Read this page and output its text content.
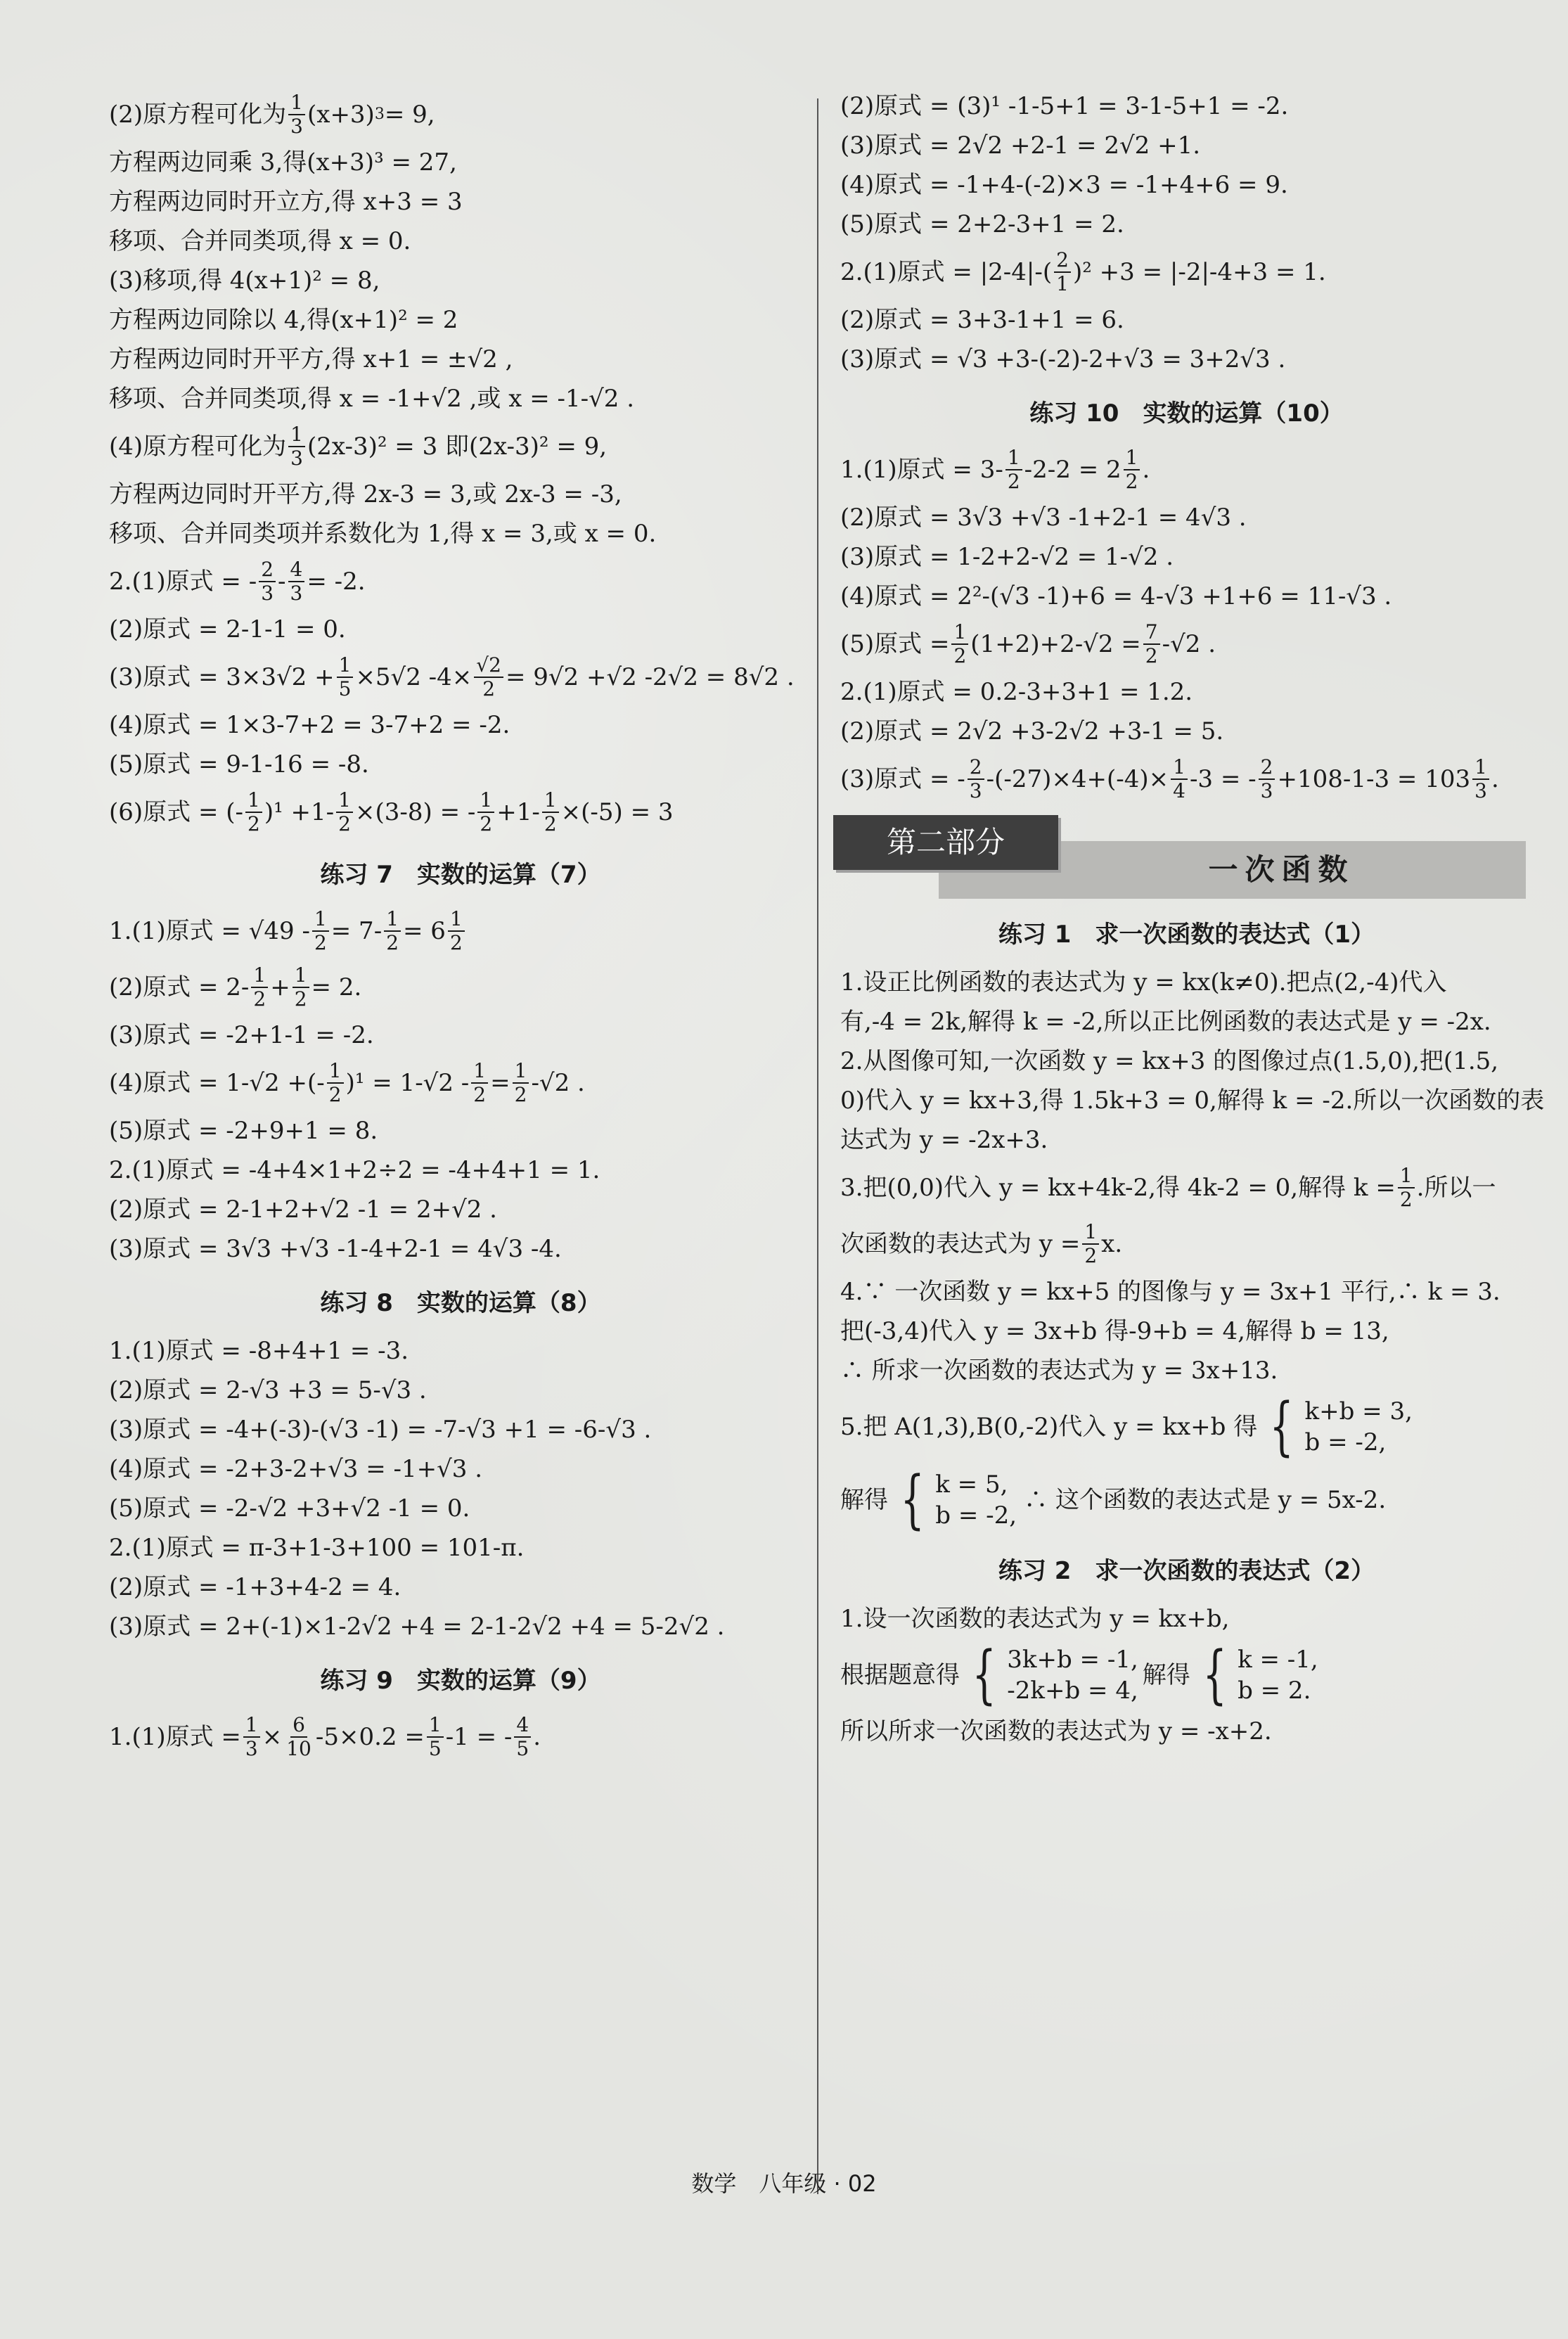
(2)原方程可化为 $\frac{1}{3} (x+3) 3 = 9$,

方程两边同乘 3,得(x+3)³ = 27,

方程两边同时开立方,得 x+3 = 3

移项、合并同类项,得 x = 0.

(3)移项,得 4(x+1)² = 8,

方程两边同除以 4,得(x+1)² = 2

方程两边同时开平方,得 x+1 = ±√2 ,

移项、合并同类项,得 x = -1+√2 ,或 x = -1-√2 .

(4)原方程可化为 $\frac{1}{3} (2x-3)^2 = 3$ 即(2x-3)² = 9,

方程两边同时开平方,得 2x-3 = 3,或 2x-3 = -3,

移项、合并同类项并系数化为 1,得 x = 3,或 x = 0.

2.(1)原式 = - $\frac{2}{3} - \frac{4}{3} = -2$.

(2)原式 = 2-1-1 = 0.

(3)原式 = $3\times 3√2 + \frac{1}{5} \times 5√2$ $-4\times \frac{√2}{2} = 9√2 +√2$ -2√2 = 8√2 .

(4)原式 = 1×3-7+2 = 3-7+2 = -2.

(5)原式 = 9-1-16 = -8.

(6)原式 = (- $\frac{1}{2} )^1 +1- \frac{1}{2} \times(3-8)$ = - $\frac{1}{2} +1- \frac{1}{2} \times(-5) = 3$
练习 7　实数的运算（7）
1.(1)原式 = $√49 - \frac{1}{2} = 7- \frac{1}{2} = 6 \frac{1}{2}$
(2)原式 = $2- \frac{1}{2} + \frac{1}{2} = 2$.

(3)原式 = -2+1-1 = -2.

(4)原式 = 1-√2 +(- $\frac{1}{2} )^1 = 1-√2 - \frac{1}{2} = \frac{1}{2} -√2$ .

(5)原式 = -2+9+1 = 8.

2.(1)原式 = -4+4×1+2÷2 = -4+4+1 = 1.

(2)原式 = 2-1+2+√2 -1 = 2+√2 .

(3)原式 = 3√3 +√3 -1-4+2-1 = 4√3 -4.

练习 8　实数的运算（8）

1.(1)原式 = -8+4+1 = -3.

(2)原式 = 2-√3 +3 = 5-√3 .

(3)原式 = -4+(-3)-(√3 -1) = -7-√3 +1 = -6-√3 .

(4)原式 = -2+3-2+√3 = -1+√3 .

(5)原式 = -2-√2 +3+√2 -1 = 0.

2.(1)原式 = π-3+1-3+100 = 101-π.

(2)原式 = -1+3+4-2 = 4.

(3)原式 = 2+(-1)×1-2√2 +4 = 2-1-2√2 +4 = 5-2√2 .

练习 9　实数的运算（9）
1.(1)原式 = $\frac{1}{3} \times \frac{6}{10} -5\times 0.2 = \frac{1}{5} -1$ = - $\frac{4}{5}$ .

(2)原式 = (3)¹ -1-5+1 = 3-1-5+1 = -2.

(3)原式 = 2√2 +2-1 = 2√2 +1.

(4)原式 = -1+4-(-2)×3 = -1+4+6 = 9.

(5)原式 = 2+2-3+1 = 2.

2.(1)原式 = $|2-4|-( \frac{2}{1} )^2 +3 = |-2|-4+3 = 1$.

(2)原式 = 3+3-1+1 = 6.

(3)原式 = √3 +3-(-2)-2+√3 = 3+2√3 .

练习 10　实数的运算（10）
1.(1)原式 = $3- \frac{1}{2} -2-2 = 2 \frac{1}{2}$ .

(2)原式 = 3√3 +√3 -1+2-1 = 4√3 .

(3)原式 = 1-2+2-√2 = 1-√2 .

(4)原式 = 2²-(√3 -1)+6 = 4-√3 +1+6 = 11-√3 .

(5)原式 = $\frac{1}{2} (1+2)+2-√2 = \frac{7}{2} -√2$ .

2.(1)原式 = 0.2-3+3+1 = 1.2.

(2)原式 = 2√2 +3-2√2 +3-1 = 5.

(3)原式 = - $\frac{2}{3} -(-27)\times 4+(-4)\times \frac{1}{4} -3$ = - $\frac{2}{3} +108-1-3 = 103 \frac{1}{3}$ .
一次函数
第二部分
练习 1　求一次函数的表达式（1）

1.设正比例函数的表达式为 y = kx(k≠0).把点(2,-4)代入

有,-4 = 2k,解得 k = -2,所以正比例函数的表达式是 y = -2x.

2.从图像可知,一次函数 y = kx+3 的图像过点(1.5,0),把(1.5,

0)代入 y = kx+3,得 1.5k+3 = 0,解得 k = -2.所以一次函数的表

达式为 y = -2x+3.

3.把(0,0)代入 y = kx+4k-2,得 4k-2 = 0,解得 $k = \frac{1}{2}$ .所以一
次函数的表达式为 $y = \frac{1}{2} x$.

4.∵ 一次函数 y = kx+5 的图像与 y = 3x+1 平行,∴ k = 3.

把(-3,4)代入 y = 3x+b 得-9+b = 4,解得 b = 13,

∴ 所求一次函数的表达式为 y = 3x+13.

5.把 A(1,3),B(0,-2)代入 y = kx+b 得 { k+b = 3,
b = -2,
解得 { k = 5,
b = -2,
∴ 这个函数的表达式是 y = 5x-2.
练习 2　求一次函数的表达式（2）

1.设一次函数的表达式为 y = kx+b,

根据题意得 { 3k+b = -1,
-2k+b = 4,
解得 { k = -1,
b = 2.

所以所求一次函数的表达式为 y = -x+2.

数学　八年级 · 02
